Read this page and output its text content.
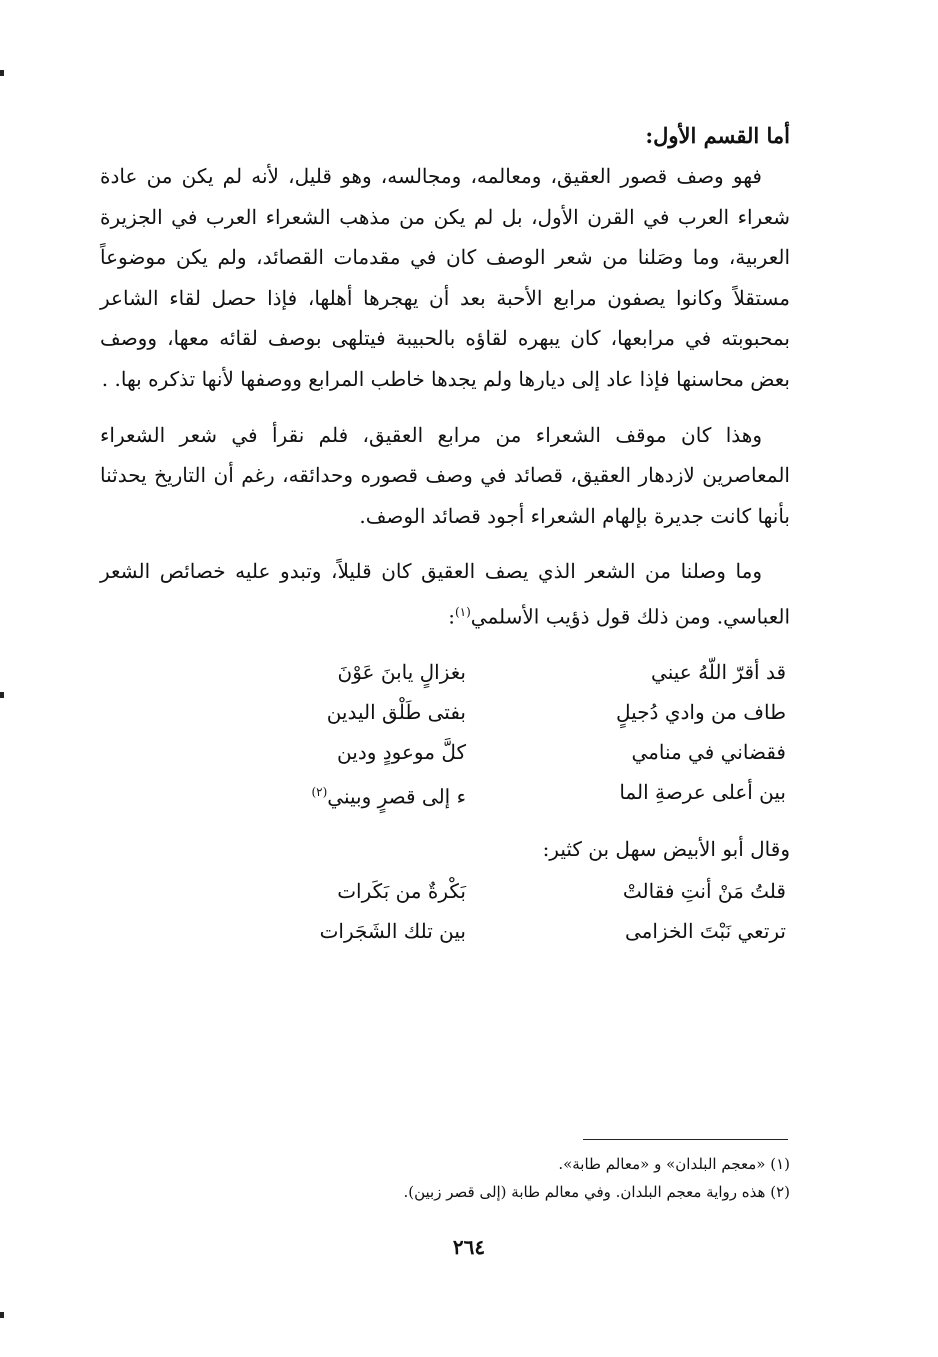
أما القسم الأول:

فهو وصف قصور العقيق، ومعالمه، ومجالسه، وهو قليل، لأنه لم يكن من عادة شعراء العرب في القرن الأول، بل لم يكن من مذهب الشعراء العرب في الجزيرة العربية، وما وصَلنا من شعر الوصف كان في مقدمات القصائد، ولم يكن موضوعاً مستقلاً وكانوا يصفون مرابع الأحبة بعد أن يهجرها أهلها، فإذا حصل لقاء الشاعر بمحبوبته في مرابعها، كان يبهره لقاؤه بالحبيبة فيتلهى بوصف لقائه معها، ووصف بعض محاسنها فإذا عاد إلى ديارها ولم يجدها خاطب المرابع ووصفها لأنها تذكره بها. .

وهذا كان موقف الشعراء من مرابع العقيق، فلم نقرأ في شعر الشعراء المعاصرين لازدهار العقيق، قصائد في وصف قصوره وحدائقه، رغم أن التاريخ يحدثنا بأنها كانت جديرة بإلهام الشعراء أجود قصائد الوصف.

وما وصلنا من الشعر الذي يصف العقيق كان قليلاً، وتبدو عليه خصائص الشعر العباسي. ومن ذلك قول ذؤيب الأسلمي$^{(١)}$:

قد أقرّ اللّهُ عيني
بغزالٍ يابنَ عَوْنَ
طاف من وادي دُجيلٍ
بفتى طَلْق اليدين
فقضاني في منامي
كلَّ موعودٍ ودين
بين أعلى عرصةِ الما
ء إلى قصرٍ وبيني$^{(٢)}$
وقال أبو الأبيض سهل بن كثير:
قلتُ مَنْ أنتِ فقالتْ
بَكْرةٌ من بَكَرات
ترتعي نَبْتَ الخزامى
بين تلك الشَجَرات
(١) «معجم البلدان» و «معالم طابة».
(٢) هذه رواية معجم البلدان. وفي معالم طابة (إلى قصر زبين).
٢٦٤
